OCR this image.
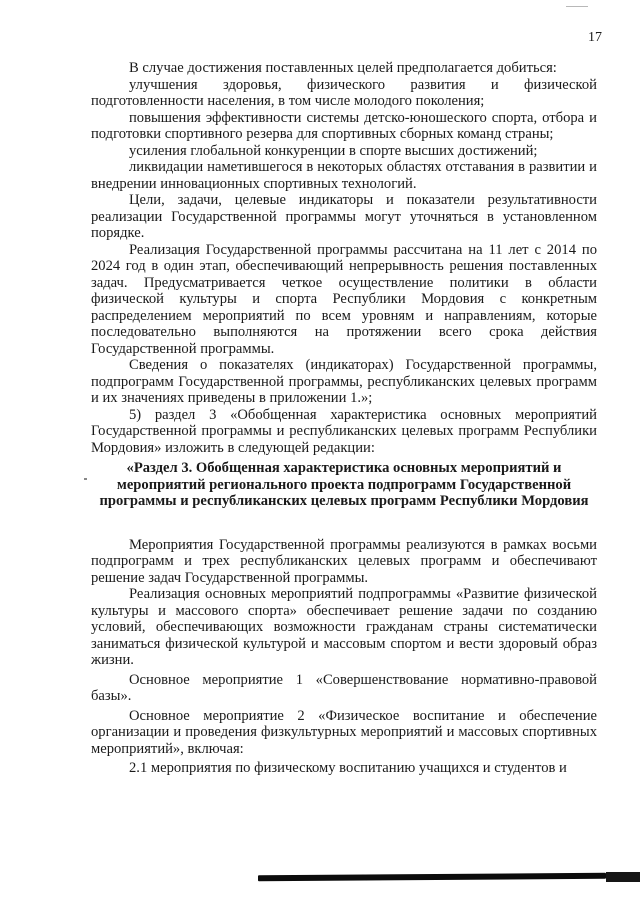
17

В случае достижения поставленных целей предполагается добиться:

улучшения здоровья, физического развития и физической подготовленности населения, в том числе молодого поколения;

повышения эффективности системы детско-юношеского спорта, отбора и подготовки спортивного резерва для спортивных сборных команд страны;

усиления глобальной конкуренции в спорте высших достижений;

ликвидации наметившегося в некоторых областях отставания в развитии и внедрении инновационных спортивных технологий.

Цели, задачи, целевые индикаторы и показатели результативности реализации Государственной программы могут уточняться в установленном порядке.

Реализация Государственной программы рассчитана на 11 лет с 2014 по 2024 год в один этап, обеспечивающий непрерывность решения поставленных задач. Предусматривается четкое осуществление политики в области физической культуры и спорта Республики Мордовия с конкретным распределением мероприятий по всем уровням и направлениям, которые последовательно выполняются на протяжении всего срока действия Государственной программы.

Сведения о показателях (индикаторах) Государственной программы, подпрограмм Государственной программы, республиканских целевых программ и их значениях приведены в приложении 1.»;

5) раздел 3 «Обобщенная характеристика основных мероприятий Государственной программы и республиканских целевых программ Республики Мордовия» изложить в следующей редакции:

«Раздел 3. Обобщенная характеристика основных мероприятий и мероприятий регионального проекта подпрограмм Государственной программы и республиканских целевых программ Республики Мордовия

Мероприятия Государственной программы реализуются в рамках восьми подпрограмм и трех республиканских целевых программ и обеспечивают решение задач Государственной программы.

Реализация основных мероприятий подпрограммы «Развитие физической культуры и массового спорта» обеспечивает решение задачи по созданию условий, обеспечивающих возможности гражданам страны систематически заниматься физической культурой и массовым спортом и вести здоровый образ жизни.

Основное мероприятие 1 «Совершенствование нормативно-правовой базы».

Основное мероприятие 2 «Физическое воспитание и обеспечение организации и проведения физкультурных мероприятий и массовых спортивных мероприятий», включая:

2.1 мероприятия по физическому воспитанию учащихся и студентов и
